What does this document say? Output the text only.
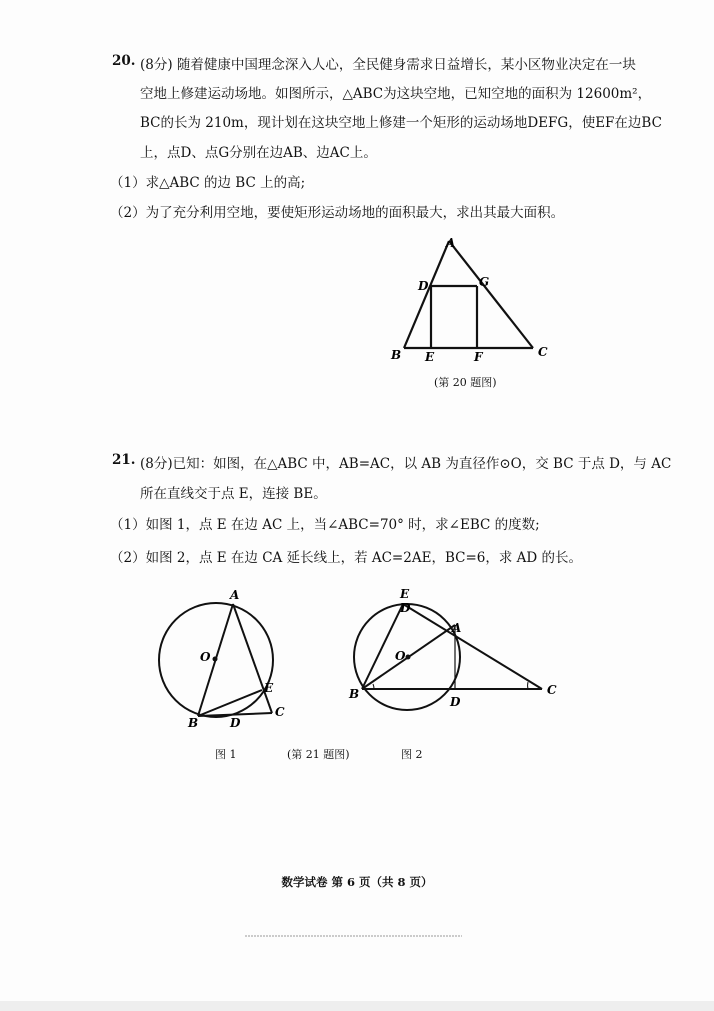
20. (8分) 随着健康中国理念深入人心，全民健身需求日益增长，某小区物业决定在一块
空地上修建运动场地。如图所示，△ABC为这块空地，已知空地的面积为 12600m²，
BC的长为 210m，现计划在这块空地上修建一个矩形的运动场地DEFG，使EF在边BC
上，点D、点G分别在边AB、边AC上。
（1）求△ABC 的边 BC 上的高;
（2）为了充分利用空地，要使矩形运动场地的面积最大，求出其最大面积。
A
D	G
B E	F	C
(第 20 题图)
21. (8分)已知：如图，在△ABC 中，AB=AC，以 AB 为直径作⊙O，交 BC 于点 D，与 AC
所在直线交于点 E，连接 BE。
（1）如图 1，点 E 在边 AC 上，当∠ABC=70° 时，求∠EBC 的度数;
（2）如图 2，点 E 在边 CA 延长线上，若 AC=2AE，BC=6，求 AD 的长。
A
O
E
C
B	D
E
D
A
O
B
D
C
图 1	(第 21 题图)	图 2
数学试卷 第 6 页（共 8 页）
